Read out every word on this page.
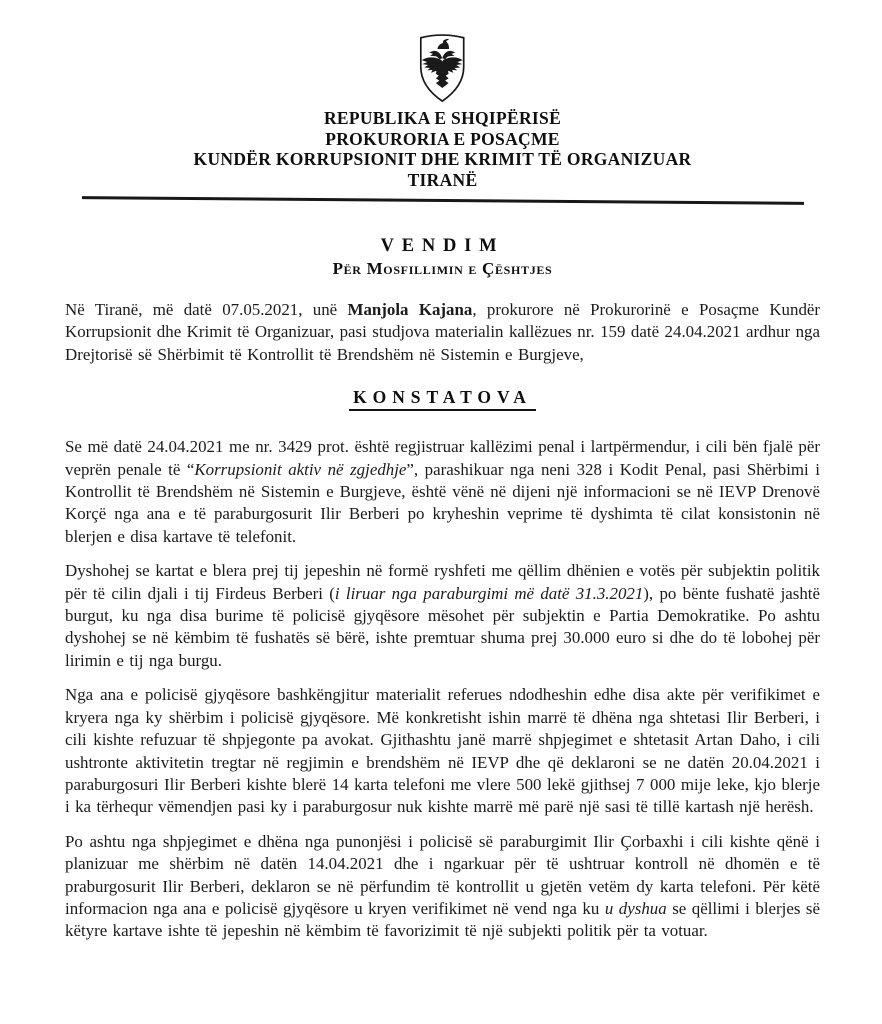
REPUBLIKA E SHQIPËRISË
PROKURORIA E POSAÇME
KUNDËR KORRUPSIONIT DHE KRIMIT TË ORGANIZUAR
TIRANË
VENDIM
Për Mosfillimin e Çështjes

Në Tiranë, më datë 07.05.2021, unë Manjola Kajana, prokurore në Prokurorinë e Posaçme Kundër Korrupsionit dhe Krimit të Organizuar, pasi studjova materialin kallëzues nr. 159 datë 24.04.2021 ardhur nga Drejtorisë së Shërbimit të Kontrollit të Brendshëm në Sistemin e Burgjeve,

KONSTATOVA

Se më datë 24.04.2021 me nr. 3429 prot. është regjistruar kallëzimi penal i lartpërmendur, i cili bën fjalë për veprën penale të “Korrupsionit aktiv në zgjedhje”, parashikuar nga neni 328 i Kodit Penal, pasi Shërbimi i Kontrollit të Brendshëm në Sistemin e Burgjeve, është vënë në dijeni një informacioni se në IEVP Drenovë Korçë nga ana e të paraburgosurit Ilir Berberi po kryheshin veprime të dyshimta të cilat konsistonin në blerjen e disa kartave të telefonit.

Dyshohej se kartat e blera prej tij jepeshin në formë ryshfeti me qëllim dhënien e votës për subjektin politik për të cilin djali i tij Firdeus Berberi (i liruar nga paraburgimi më datë 31.3.2021), po bënte fushatë jashtë burgut, ku nga disa burime të policisë gjyqësore mësohet për subjektin e Partia Demokratike. Po ashtu dyshohej se në këmbim të fushatës së bërë, ishte premtuar shuma prej 30.000 euro si dhe do të lobohej për lirimin e tij nga burgu.

Nga ana e policisë gjyqësore bashkëngjitur materialit referues ndodheshin edhe disa akte për verifikimet e kryera nga ky shërbim i policisë gjyqësore. Më konkretisht ishin marrë të dhëna nga shtetasi Ilir Berberi, i cili kishte refuzuar të shpjegonte pa avokat. Gjithashtu janë marrë shpjegimet e shtetasit Artan Daho, i cili ushtronte aktivitetin tregtar në regjimin e brendshëm në IEVP dhe që deklaroni se ne datën 20.04.2021 i paraburgosuri Ilir Berberi kishte blerë 14 karta telefoni me vlere 500 lekë gjithsej 7 000 mije leke, kjo blerje i ka tërhequr vëmendjen pasi ky i paraburgosur nuk kishte marrë më parë një sasi të tillë kartash një herësh.

Po ashtu nga shpjegimet e dhëna nga punonjësi i policisë së paraburgimit Ilir Çorbaxhi i cili kishte qënë i planizuar me shërbim në datën 14.04.2021 dhe i ngarkuar për të ushtruar kontroll në dhomën e të praburgosurit Ilir Berberi, deklaron se në përfundim të kontrollit u gjetën vetëm dy karta telefoni. Për këtë informacion nga ana e policisë gjyqësore u kryen verifikimet në vend nga ku u dyshua se qëllimi i blerjes së këtyre kartave ishte të jepeshin në këmbim të favorizimit të një subjekti politik për ta votuar.
